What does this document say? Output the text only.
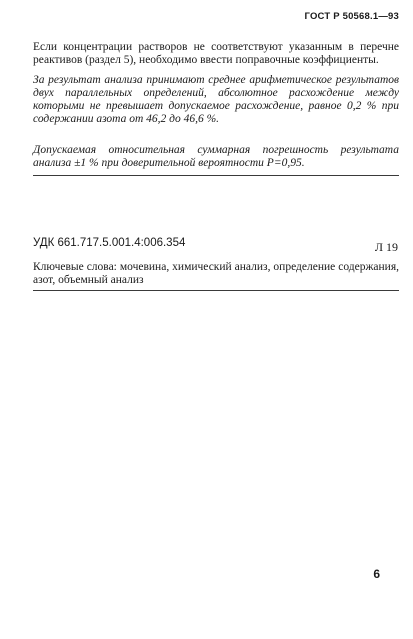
ГОСТ Р 50568.1—93
Если концентрации растворов не соответствуют указанным в перечне реактивов (раздел 5), необходимо ввести поправочные коэффициенты.
За результат анализа принимают среднее арифметическое результатов двух параллельных определений, абсолютное расхождение между которыми не превышает допускаемое расхождение, равное 0,2 % при содержании азота от 46,2 до 46,6 %.
Допускаемая относительная суммарная погрешность результата анализа ±1 % при доверительной вероятности P=0,95.
УДК 661.717.5.001.4:006.354	Л 19
Ключевые слова: мочевина, химический анализ, определение содержания, азот, объемный анализ
6
